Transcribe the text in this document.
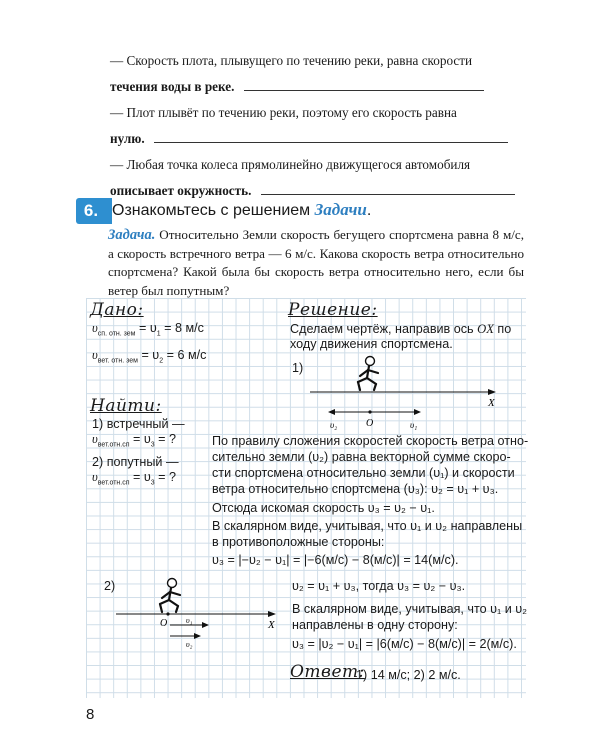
— Скорость плота, плывущего по течению реки, равна скорости
течения воды в реке.
— Плот плывёт по течению реки, поэтому его скорость равна
нулю.
— Любая точка колеса прямолинейно движущегося автомобиля
описывает окружность.
6. Ознакомьтесь с решением Задачи.
Задача. Относительно Земли скорость бегущего спортсмена равна 8 м/с, а скорость встречного ветра — 6 м/с. Какова скорость ветра относительно спортсмена? Какой была бы скорость ветра относительно него, если бы ветер был попутным?
Дано:
$\upsilon_{сп. отн. зем} = \upsilon_1 = 8$ м/с
$\upsilon_{вет. отн. зем} = \upsilon_2 = 6$ м/с
Найти:
1) встречный —
$\upsilon_{вет.отн.сп} = \upsilon_3$ = ?
2) попутный —
$\upsilon_{вет.отн.сп} = \upsilon_3$ = ?
Решение:
Сделаем чертёж, направив ось OX по
ходу движения спортсмена.
1)
X
O
υ₂	υ₁
По правилу сложения скоростей скорость ветра отно-
сительно земли (υ₂) равна векторной сумме скоро-
сти спортсмена относительно земли (υ₁) и скорости
ветра относительно спортсмена (υ₃): υ₂ = υ₁ + υ₃.
Отсюда искомая скорость υ₃ = υ₂ − υ₁.
В скалярном виде, учитывая, что υ₁ и υ₂ направлены
в противоположные стороны:
υ₃ = |−υ₂ − υ₁| = |−6(м/с) − 8(м/с)| = 14(м/с).
2)
X
O υ₁
υ₂
υ₂ = υ₁ + υ₃, тогда υ₃ = υ₂ − υ₃.
В скалярном виде, учитывая, что υ₁ и υ₂
направлены в одну сторону:
υ₃ = |υ₂ − υ₁| = |6(м/с) − 8(м/с)| = 2(м/с).
Ответ:
1) 14 м/с; 2) 2 м/с.
8
